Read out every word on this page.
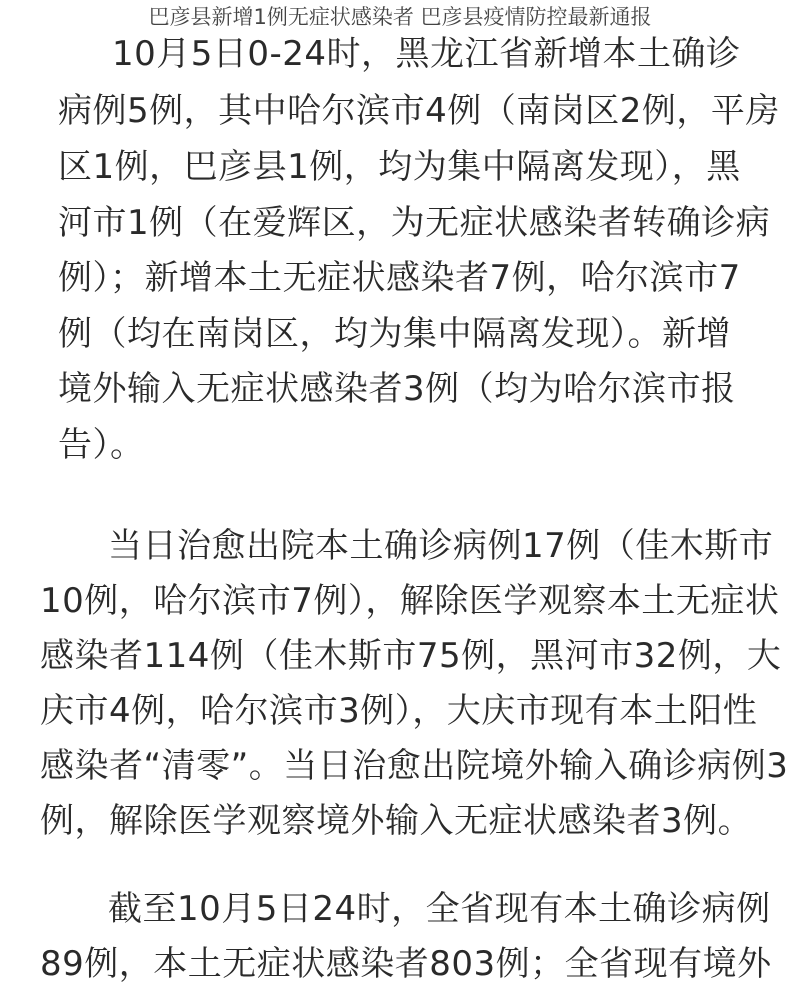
巴彦县新增1例无症状感染者 巴彦县疫情防控最新通报
10月5日0-24时，黑龙江省新增本土确诊
病例5例，其中哈尔滨市4例（南岗区2例，平房
区1例，巴彦县1例，均为集中隔离发现），黑
河市1例（在爱辉区，为无症状感染者转确诊病
例）；新增本土无症状感染者7例，哈尔滨市7
例（均在南岗区，均为集中隔离发现）。新增
境外输入无症状感染者3例（均为哈尔滨市报
告）。
当日治愈出院本土确诊病例17例（佳木斯市
10例，哈尔滨市7例），解除医学观察本土无症状
感染者114例（佳木斯市75例，黑河市32例，大
庆市4例，哈尔滨市3例），大庆市现有本土阳性
感染者“清零”。当日治愈出院境外输入确诊病例3
例，解除医学观察境外输入无症状感染者3例。
截至10月5日24时，全省现有本土确诊病例
89例，本土无症状感染者803例；全省现有境外
